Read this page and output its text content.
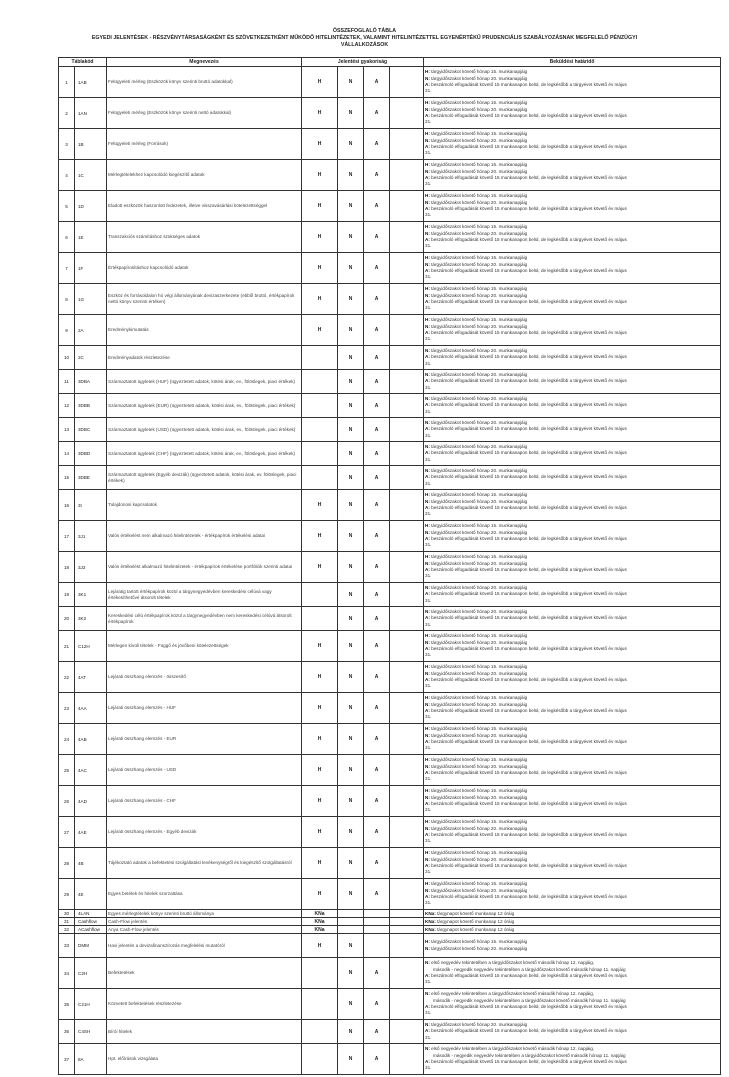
ÖSSZEFOGLALÓ TÁBLA
EGYEDI JELENTÉSEK - RÉSZVÉNYTÁRSASÁGKÉNT ÉS SZÖVETKEZETKÉNT MŰKÖDŐ HITELINTÉZETEK, VALAMINT HITELINTÉZETTEL EGYENÉRTÉKŰ PRUDENCIÁLIS SZABÁLYOZÁSNAK MEGFELELŐ PÉNZÜGYI
VÁLLALKOZÁSOK
Táblakód		Megnevezés	Jelentési gyakoriság				Beküldési határidő
1	1AB	Felügyeleti mérleg (Eszközök könyv szerinti bruttó adatokkal)	H	N	A		H: tárgyidőszakot követő hónap 15. munkanapjáig
N: tárgyidőszakot követő hónap 20. munkanapjáig
A: beszámoló elfogadását követő 15 munkanapon belül, de legkésőbb a tárgyévet követő év május
31.

2	1AN	Felügyeleti mérleg (Eszközök könyv szerinti nettó adatokkal)	H	N	A		H: tárgyidőszakot követő hónap 15. munkanapjáig
N: tárgyidőszakot követő hónap 20. munkanapjáig
A: beszámoló elfogadását követő 15 munkanapon belül, de legkésőbb a tárgyévet követő év május
31.

3	1B	Felügyeleti mérleg (Források)	H	N	A		H: tárgyidőszakot követő hónap 15. munkanapjáig
N: tárgyidőszakot követő hónap 20. munkanapjáig
A: beszámoló elfogadását követő 15 munkanapon belül, de legkésőbb a tárgyévet követő év május
31.

4	1C	Mérlegtételekhez kapcsolódó kiegészítő adatok	H	N	A		H: tárgyidőszakot követő hónap 15. munkanapjáig
N: tárgyidőszakot követő hónap 20. munkanapjáig
A: beszámoló elfogadását követő 15 munkanapon belül, de legkésőbb a tárgyévet követő év május
31.

5	1D	Eladott eszközök haszonlott fedezetek, illetve visszavásárlási kötelezettséggel	H	N	A		H: tárgyidőszakot követő hónap 15. munkanapjáig
N: tárgyidőszakot követő hónap 20. munkanapjáig
A: beszámoló elfogadását követő 15 munkanapon belül, de legkésőbb a tárgyévet követő év május
31.

6	1E	Transzakciós számításhoz szükséges adatok	H	N	A		H: tárgyidőszakot követő hónap 15. munkanapjáig
N: tárgyidőszakot követő hónap 20. munkanapjáig
A: beszámoló elfogadását követő 15 munkanapon belül, de legkésőbb a tárgyévet követő év május
31.

7	1F	Értékpapírosításhoz kapcsolódó adatok	H	N	A		H: tárgyidőszakot követő hónap 15. munkanapjáig
N: tárgyidőszakot követő hónap 20. munkanapjáig
A: beszámoló elfogadását követő 15 munkanapon belül, de legkésőbb a tárgyévet követő év május
31.

8	1G	Eszköz és forrásoldalon hó végi állományának devizaszerkezete (ebből bruttó, értékpapírok nettó könyv szerinti értéken)	H	N	A		H: tárgyidőszakot követő hónap 15. munkanapjáig
N: tárgyidőszakot követő hónap 20. munkanapjáig
A: beszámoló elfogadását követő 15 munkanapon belül, de legkésőbb a tárgyévet követő év május
31.

9	2A	Eredménykimutatás	H	N	A		H: tárgyidőszakot követő hónap 15. munkanapjáig
N: tárgyidőszakot követő hónap 20. munkanapjáig
A: beszámoló elfogadását követő 15 munkanapon belül, de legkésőbb a tárgyévet követő év május
31.

10	2C	Eredményadatok részletezése		N	A		N: tárgyidőszakot követő hónap 20. munkanapjáig
A: beszámoló elfogadását követő 15 munkanapon belül, de legkésőbb a tárgyévet követő év május
31.

11	3DBA	Származtatott ügyletek (HUF) (ügyeztetett adatok, kötési árak, ev., fölöslegek, piaci értékek)		N	A		N: tárgyidőszakot követő hónap 20. munkanapjáig
A: beszámoló elfogadását követő 15 munkanapon belül, de legkésőbb a tárgyévet követő év május
31.

12	3DBB	Származtatott ügyletek (EUR) (ügyeztetett adatok, kötési árak, ev., fölöslegek, piaci értékek)		N	A		N: tárgyidőszakot követő hónap 20. munkanapjáig
A: beszámoló elfogadását követő 15 munkanapon belül, de legkésőbb a tárgyévet követő év május
31.

13	3DBC	Származtatott ügyletek (USD) (ügyeztetett adatok, kötési árak, ev., fölöslegek, piaci értékek)		N	A		N: tárgyidőszakot követő hónap 20. munkanapjáig
A: beszámoló elfogadását követő 15 munkanapon belül, de legkésőbb a tárgyévet követő év május
31.

14	3DBD	Származtatott ügyletek (CHF) (ügyeztetett adatok, kötési árak, ev., fölöslegek, piaci értékek)		N	A		N: tárgyidőszakot követő hónap 20. munkanapjáig
A: beszámoló elfogadását követő 15 munkanapon belül, de legkésőbb a tárgyévet követő év május
31.

15	3DBE	Származtatott ügyletek (Egyéb devizák) (ügyeztetett adatok, kötési árak, ev. fölöslegek, piaci értékek)		N	A		N: tárgyidőszakot követő hónap 20. munkanapjáig
A: beszámoló elfogadását követő 15 munkanapon belül, de legkésőbb a tárgyévet követő év május
31.

16	3I	Tulajdonosi kapcsolatok	H	N	A		H: tárgyidőszakot követő hónap 15. munkanapjáig
N: tárgyidőszakot követő hónap 20. munkanapjáig
A: beszámoló elfogadását követő 15 munkanapon belül, de legkésőbb a tárgyévet követő év május
31.

17	3J1	Valós értékelést nem alkalmazó hitelintézetek - értékpapírok értékelési adatai	H	N	A		H: tárgyidőszakot követő hónap 15. munkanapjáig
N: tárgyidőszakot követő hónap 20. munkanapjáig
A: beszámoló elfogadását követő 15 munkanapon belül, de legkésőbb a tárgyévet követő év május
31.

18	3J2	Valós értékelést alkalmazó hitelintézetek - értékpapírok értékelése portfóliók szerinti adatai	H	N	A		H: tárgyidőszakot követő hónap 15. munkanapjáig
N: tárgyidőszakot követő hónap 20. munkanapjáig
A: beszámoló elfogadását követő 15 munkanapon belül, de legkésőbb a tárgyévet követő év május
31.

19	3K1	Lejáratig tartott értékpapírok közül a tárgynegyedévben kereskedési célúvá vagy értékesíthetővé átsorolt tételek		N	A		N: tárgyidőszakot követő hónap 20. munkanapjáig
A: beszámoló elfogadását követő 15 munkanapon belül, de legkésőbb a tárgyévet követő év május
31.

20	3K2	Kereskedési célú értékpapírok közül a tárgynegyedévben nem kereskedési célúvá átsorolt értékpapírok		N	A		N: tárgyidőszakot követő hónap 20. munkanapjáig
A: beszámoló elfogadását követő 15 munkanapon belül, de legkésőbb a tárgyévet követő év május
31.

21	C12H	Mérlegen kívüli tételek - Függő és jövőbeni kötelezettségek	H	N	A		H: tárgyidőszakot követő hónap 15. munkanapjáig
N: tárgyidőszakot követő hónap 20. munkanapjáig
A: beszámoló elfogadását követő 15 munkanapon belül, de legkésőbb a tárgyévet követő év május
31.

22	4AT	Lejárati összhang elemzés - összesítő	H	N	A		H: tárgyidőszakot követő hónap 15. munkanapjáig
N: tárgyidőszakot követő hónap 20. munkanapjáig
A: beszámoló elfogadását követő 15 munkanapon belül, de legkésőbb a tárgyévet követő év május
31.

23	4AA	Lejárati összhang elemzés - HUF	H	N	A		H: tárgyidőszakot követő hónap 15. munkanapjáig
N: tárgyidőszakot követő hónap 20. munkanapjáig
A: beszámoló elfogadását követő 15 munkanapon belül, de legkésőbb a tárgyévet követő év május
31.

24	4AB	Lejárati összhang elemzés - EUR	H	N	A		H: tárgyidőszakot követő hónap 15. munkanapjáig
N: tárgyidőszakot követő hónap 20. munkanapjáig
A: beszámoló elfogadását követő 15 munkanapon belül, de legkésőbb a tárgyévet követő év május
31.

25	4AC	Lejárati összhang elemzés - USD	H	N	A		H: tárgyidőszakot követő hónap 15. munkanapjáig
N: tárgyidőszakot követő hónap 20. munkanapjáig
A: beszámoló elfogadását követő 15 munkanapon belül, de legkésőbb a tárgyévet követő év május
31.

26	4AD	Lejárati összhang elemzés - CHF	H	N	A		H: tárgyidőszakot követő hónap 15. munkanapjáig
N: tárgyidőszakot követő hónap 20. munkanapjáig
A: beszámoló elfogadását követő 15 munkanapon belül, de legkésőbb a tárgyévet követő év május
31.

27	4AE	Lejárati összhang elemzés - Egyéb devizák	H	N	A		H: tárgyidőszakot követő hónap 15. munkanapjáig
N: tárgyidőszakot követő hónap 20. munkanapjáig
A: beszámoló elfogadását követő 15 munkanapon belül, de legkésőbb a tárgyévet követő év május
31.

28	4B	Tájékoztató adatok a befektetési szolgáltatási tevékenységről és kiegészítő szolgáltatásról	H	N	A		H: tárgyidőszakot követő hónap 15. munkanapjáig
N: tárgyidőszakot követő hónap 20. munkanapjáig
A: beszámoló elfogadását követő 15 munkanapon belül, de legkésőbb a tárgyévet követő év május
31.

29	4E	Egyes betétek és hitelek szorzattása	H	N	A		H: tárgyidőszakot követő hónap 15. munkanapjáig
N: tárgyidőszakot követő hónap 20. munkanapjáig
A: beszámoló elfogadását követő 15 munkanapon belül, de legkésőbb a tárgyévet követő év május
31.

30	4LAN	Egyes mérlegtételek könyv szerinti bruttó állománya	KNa				KNa: tárgynapot követő munkanap 12 óráig

31	Cashflow	Cash-Flow jelentés	KNa				KNa: tárgynapot követő munkanap 12 óráig

32	ACashflow	Anya Cash-Flow jelentés	KNa				KNa: tárgynapot követő munkanap 12 óráig

33	DMM	Havi jelentés a devizafinanszírozás megfelelési mutatóról	H	N			H: tárgyidőszakot követő hónap 15. munkanapjáig
N: tárgyidőszakot követő hónap 20. munkanapjáig

34	C2H	Befektetések		N	A		N: első negyedév tekintetében a tárgyidőszakot követő második hónap 12. napjáig,
második - negyedik negyedév tekintetében a tárgyidőszakot követő második hónap 11. napjáig
A: beszámoló elfogadását követő 15 munkanapon belül, de legkésőbb a tárgyévet követő év május
31.

35	C21H	Közvetett befektetések részletezése		N	A		N: első negyedév tekintetében a tárgyidőszakot követő második hónap 12. napjáig,
második - negyedik negyedév tekintetében a tárgyidőszakot követő második hónap 11. napjáig
A: beszámoló elfogadását követő 15 munkanapon belül, de legkésőbb a tárgyévet követő év május
31.

36	C4SH	Bírói hitelek		N	A		N: tárgyidőszakot követő hónap 20. munkanapjáig
A: beszámoló elfogadását követő 15 munkanapon belül, de legkésőbb a tárgyévet követő év május
31.

37	8A	Hpt. előírások vizsgálata		N	A		N: első negyedév tekintetében a tárgyidőszakot követő második hónap 12. napjáig,
második - negyedik negyedév tekintetében a tárgyidőszakot követő második hónap 11. napjáig
A: beszámoló elfogadását követő 15 munkanapon belül, de legkésőbb a tárgyévet követő év május
31.
